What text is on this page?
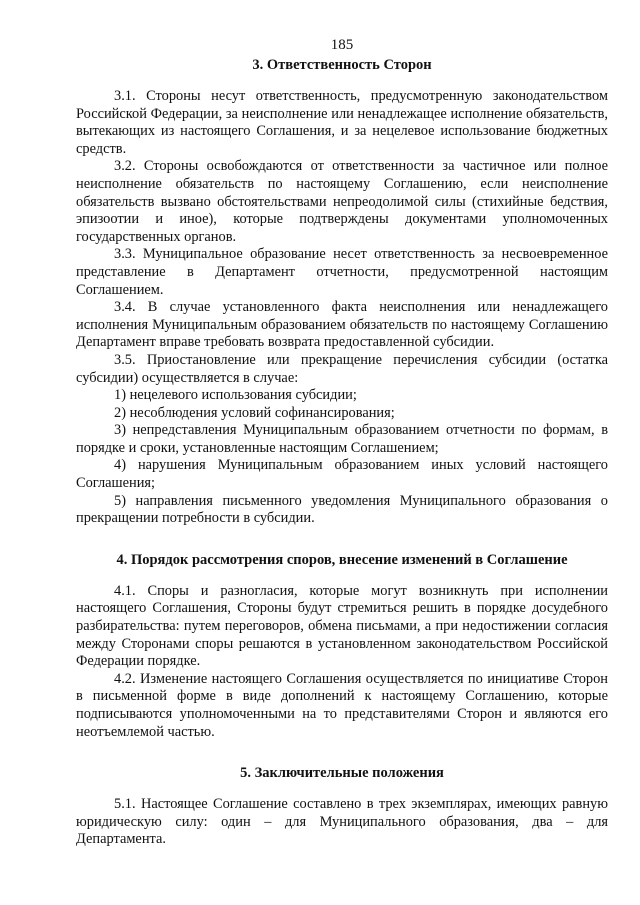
185
3. Ответственность Сторон

3.1. Стороны несут ответственность, предусмотренную законодательством Российской Федерации, за неисполнение или ненадлежащее исполнение обязательств, вытекающих из настоящего Соглашения, и за нецелевое использование бюджетных средств.

3.2. Стороны освобождаются от ответственности за частичное или полное неисполнение обязательств по настоящему Соглашению, если неисполнение обязательств вызвано обстоятельствами непреодолимой силы (стихийные бедствия, эпизоотии и иное), которые подтверждены документами уполномоченных государственных органов.

3.3. Муниципальное образование несет ответственность за несвоевременное представление в Департамент отчетности, предусмотренной настоящим Соглашением.

3.4. В случае установленного факта неисполнения или ненадлежащего исполнения Муниципальным образованием обязательств по настоящему Соглашению Департамент вправе требовать возврата предоставленной субсидии.

3.5. Приостановление или прекращение перечисления субсидии (остатка субсидии) осуществляется в случае:

1) нецелевого использования субсидии;

2) несоблюдения условий софинансирования;

3) непредставления Муниципальным образованием отчетности по формам, в порядке и сроки, установленные настоящим Соглашением;

4) нарушения Муниципальным образованием иных условий настоящего Соглашения;

5) направления письменного уведомления Муниципального образования о прекращении потребности в субсидии.

4. Порядок рассмотрения споров, внесение изменений в Соглашение

4.1. Споры и разногласия, которые могут возникнуть при исполнении настоящего Соглашения, Стороны будут стремиться решить в порядке досудебного разбирательства: путем переговоров, обмена письмами, а при недостижении согласия между Сторонами споры решаются в установленном законодательством Российской Федерации порядке.

4.2. Изменение настоящего Соглашения осуществляется по инициативе Сторон в письменной форме в виде дополнений к настоящему Соглашению, которые подписываются уполномоченными на то представителями Сторон и являются его неотъемлемой частью.

5. Заключительные положения

5.1. Настоящее Соглашение составлено в трех экземплярах, имеющих равную юридическую силу: один – для Муниципального образования, два – для Департамента.
